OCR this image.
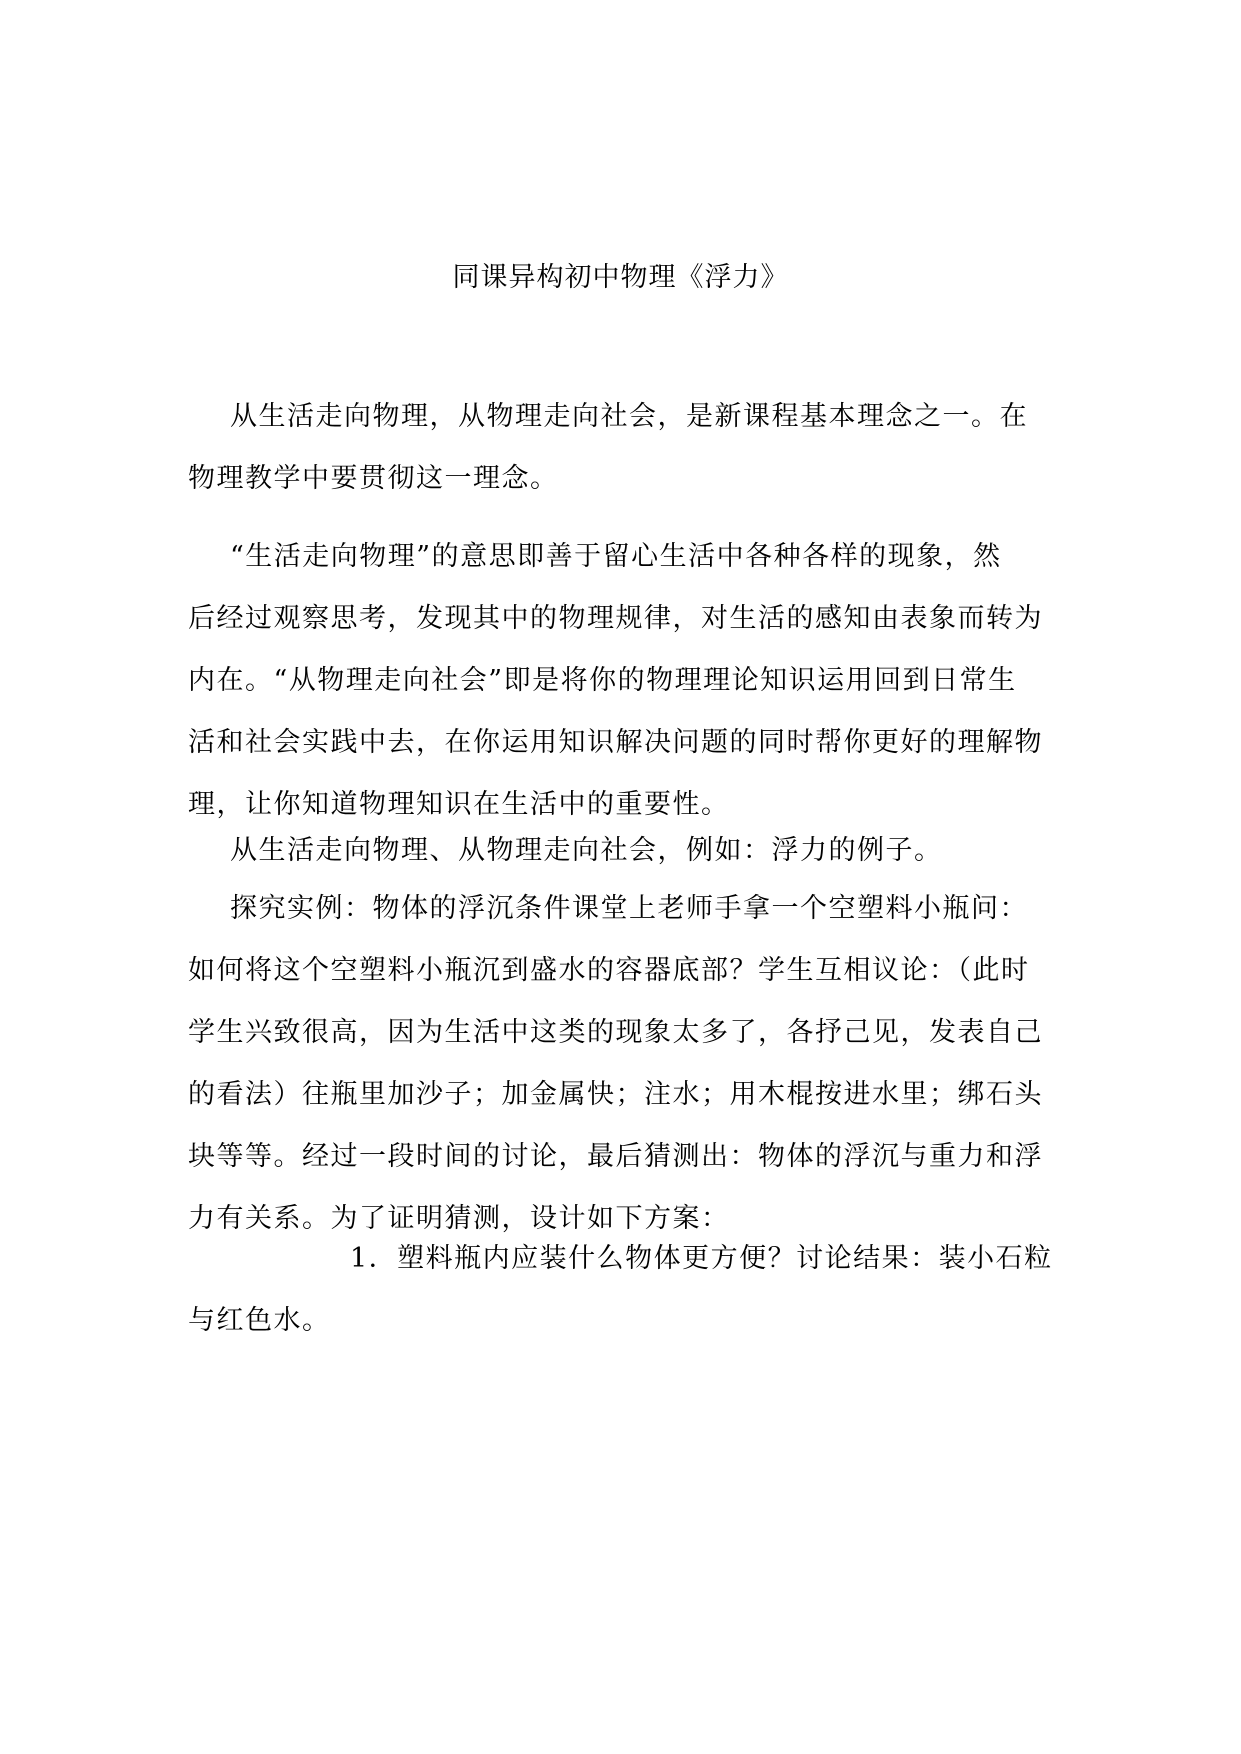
同课异构初中物理《浮力》
从生活走向物理，从物理走向社会，是新课程基本理念之一。在
物理教学中要贯彻这一理念。
“生活走向物理”的意思即善于留心生活中各种各样的现象，然
后经过观察思考，发现其中的物理规律，对生活的感知由表象而转为
内在。“从物理走向社会”即是将你的物理理论知识运用回到日常生
活和社会实践中去，在你运用知识解决问题的同时帮你更好的理解物
理，让你知道物理知识在生活中的重要性。
从生活走向物理、从物理走向社会，例如：浮力的例子。
探究实例：物体的浮沉条件课堂上老师手拿一个空塑料小瓶问：
如何将这个空塑料小瓶沉到盛水的容器底部？学生互相议论：（此时
学生兴致很高，因为生活中这类的现象太多了，各抒己见，发表自己
的看法）往瓶里加沙子；加金属快；注水；用木棍按进水里；绑石头
块等等。经过一段时间的讨论，最后猜测出：物体的浮沉与重力和浮
力有关系。为了证明猜测，设计如下方案：
1．塑料瓶内应装什么物体更方便？讨论结果：装小石粒
与红色水。
